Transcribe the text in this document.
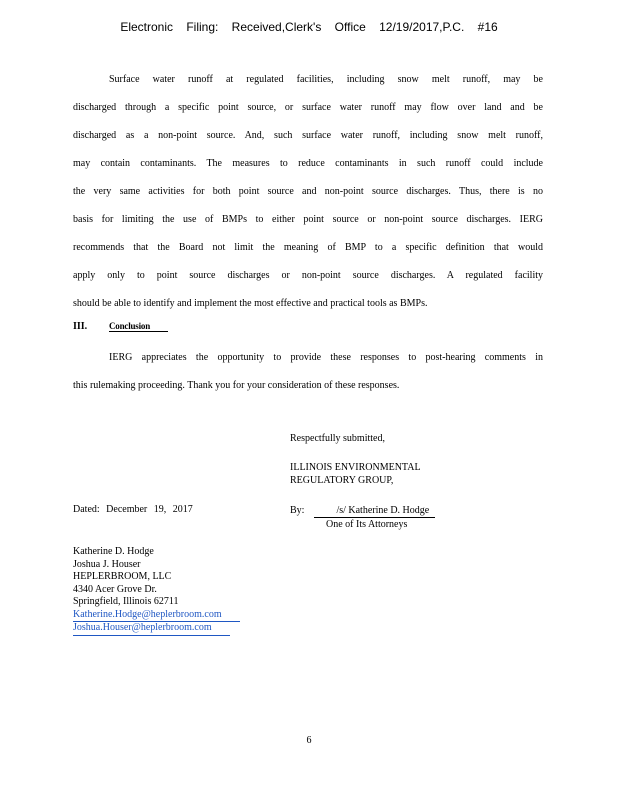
Electronic Filing: Received,Clerk's Office 12/19/2017,P.C. #16
Surface water runoff at regulated facilities, including snow melt runoff, may be
discharged through a specific point source, or surface water runoff may flow over land and be
discharged as a non-point source. And, such surface water runoff, including snow melt runoff,
may contain contaminants. The measures to reduce contaminants in such runoff could include
the very same activities for both point source and non-point source discharges. Thus, there is no
basis for limiting the use of BMPs to either point source or non-point source discharges. IERG
recommends that the Board not limit the meaning of BMP to a specific definition that would
apply only to point source discharges or non-point source discharges. A regulated facility
should be able to identify and implement the most effective and practical tools as BMPs.
III. Conclusion
IERG appreciates the opportunity to provide these responses to post-hearing comments in
this rulemaking proceeding. Thank you for your consideration of these responses.
Respectfully submitted,
ILLINOIS ENVIRONMENTAL
REGULATORY GROUP,
Dated: December 19, 2017	By:	/s/ Katherine D. Hodge
One of Its Attorneys
Katherine D. Hodge
Joshua J. Houser
HEPLERBROOM, LLC
4340 Acer Grove Dr.
Springfield, Illinois 62711
Katherine.Hodge@heplerbroom.com
Joshua.Houser@heplerbroom.com
6
